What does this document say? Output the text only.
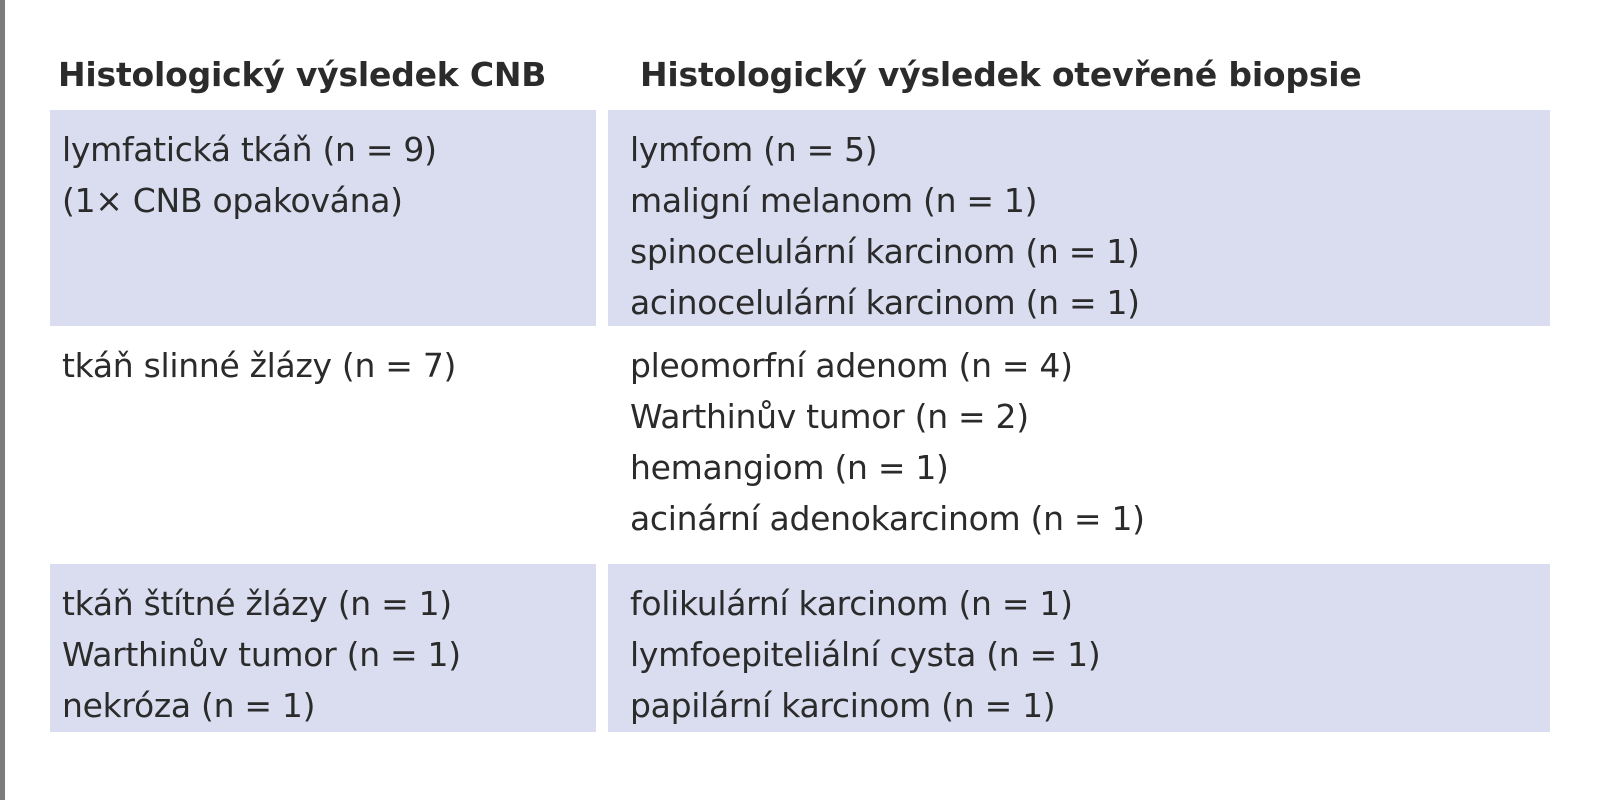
Histologický výsledek CNB	Histologický výsledek otevřené biopsie
lymfatická tkáň (n = 9)
(1× CNB opakována)
lymfom (n = 5)
maligní melanom (n = 1)
spinocelulární karcinom (n = 1)
acinocelulární karcinom (n = 1)
tkáň slinné žlázy (n = 7)	pleomorfní adenom (n = 4)
Warthinův tumor (n = 2)
hemangiom (n = 1)
acinární adenokarcinom (n = 1)
tkáň štítné žlázy (n = 1)
Warthinův tumor (n = 1)
nekróza (n = 1)
folikulární karcinom (n = 1)
lymfoepiteliální cysta (n = 1)
papilární karcinom (n = 1)
